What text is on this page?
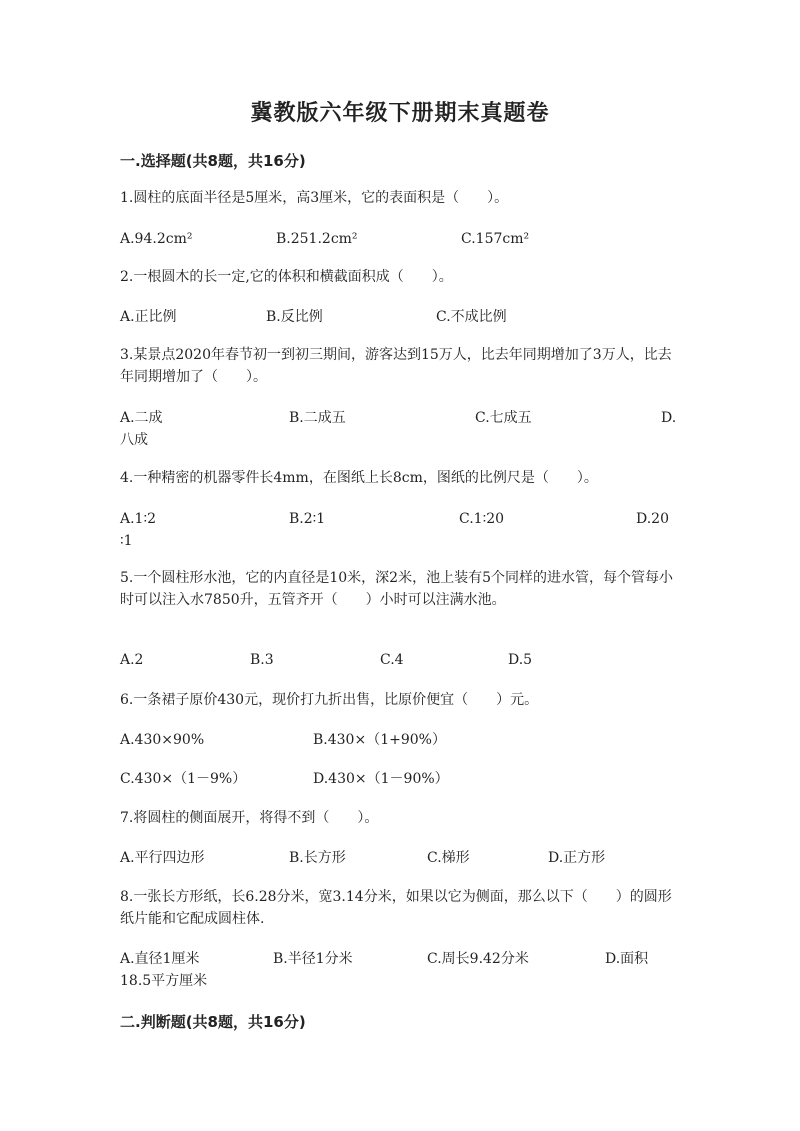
冀教版六年级下册期末真题卷
一.选择题(共8题，共16分)
1.圆柱的底面半径是5厘米，高3厘米，它的表面积是（　　）。
A.94.2cm²	B.251.2cm²	C.157cm²
2.一根圆木的长一定,它的体积和横截面积成（　　）。
A.正比例	B.反比例	C.不成比例
3.某景点2020年春节初一到初三期间，游客达到15万人，比去年同期增加了3万人，比去年同期增加了（　　）。
A.二成	B.二成五	C.七成五	D.
八成
4.一种精密的机器零件长4mm，在图纸上长8cm，图纸的比例尺是（　　）。
A.1∶2	B.2∶1	C.1∶20	D.20
∶1
5.一个圆柱形水池，它的内直径是10米，深2米，池上装有5个同样的进水管，每个管每小时可以注入水7850升，五管齐开（　　）小时可以注满水池。
A.2	B.3	C.4	D.5
6.一条裙子原价430元，现价打九折出售，比原价便宜（　　）元。
A.430×90%	B.430×（1+90%）
C.430×（1－9%）	D.430×（1－90%）
7.将圆柱的侧面展开，将得不到（　　）。
A.平行四边形	B.长方形	C.梯形	D.正方形
8.一张长方形纸，长6.28分米，宽3.14分米，如果以它为侧面，那么以下（　　）的圆形纸片能和它配成圆柱体.
A.直径1厘米	B.半径1分米	C.周长9.42分米	D.面积
18.5平方厘米
二.判断题(共8题，共16分)
